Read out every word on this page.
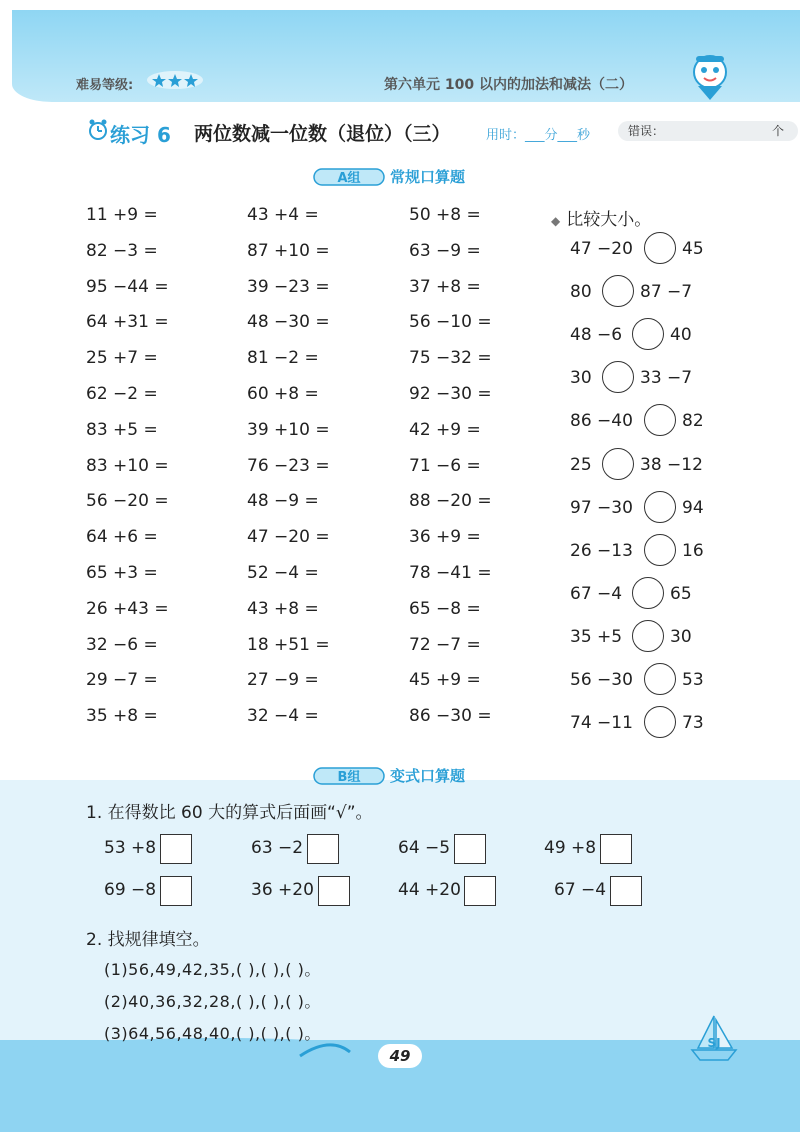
难易等级:	第六单元 100 以内的加法和减法（二）
练习 6 两位数减一位数（退位）（三）	用时：___分___秒	错误：	个
A组 常规口算题
11 +9 =
82 −3 =
95 −44 =
64 +31 =
25 +7 =
62 −2 =
83 +5 =
83 +10 =
56 −20 =
64 +6 =
65 +3 =
26 +43 =
32 −6 =
29 −7 =
35 +8 =
43 +4 =
87 +10 =
39 −23 =
48 −30 =
81 −2 =
60 +8 =
39 +10 =
76 −23 =
48 −9 =
47 −20 =
52 −4 =
43 +8 =
18 +51 =
27 −9 =
32 −4 =
50 +8 =
63 −9 =
37 +8 =
56 −10 =
75 −32 =
92 −30 =
42 +9 =
71 −6 =
88 −20 =
36 +9 =
78 −41 =
65 −8 =
72 −7 =
45 +9 =
86 −30 =
◆ 比较大小。
47 −20	45
80	87 −7
48 −6	40
30	33 −7
86 −40	82
25	38 −12
97 −30	94
26 −13	16
67 −4	65
35 +5	30
56 −30	53
74 −11	73
B组 变式口算题
1. 在得数比 60 大的算式后面画“√”。
53 +8	63 −2	64 −5	49 +8
69 −8	36 +20	44 +20	67 −4
2. 找规律填空。
(1)56,49,42,35,( ),( ),( )。
(2)40,36,32,28,( ),( ),( )。
(3)64,56,48,40,( ),( ),( )。
49
SJ
